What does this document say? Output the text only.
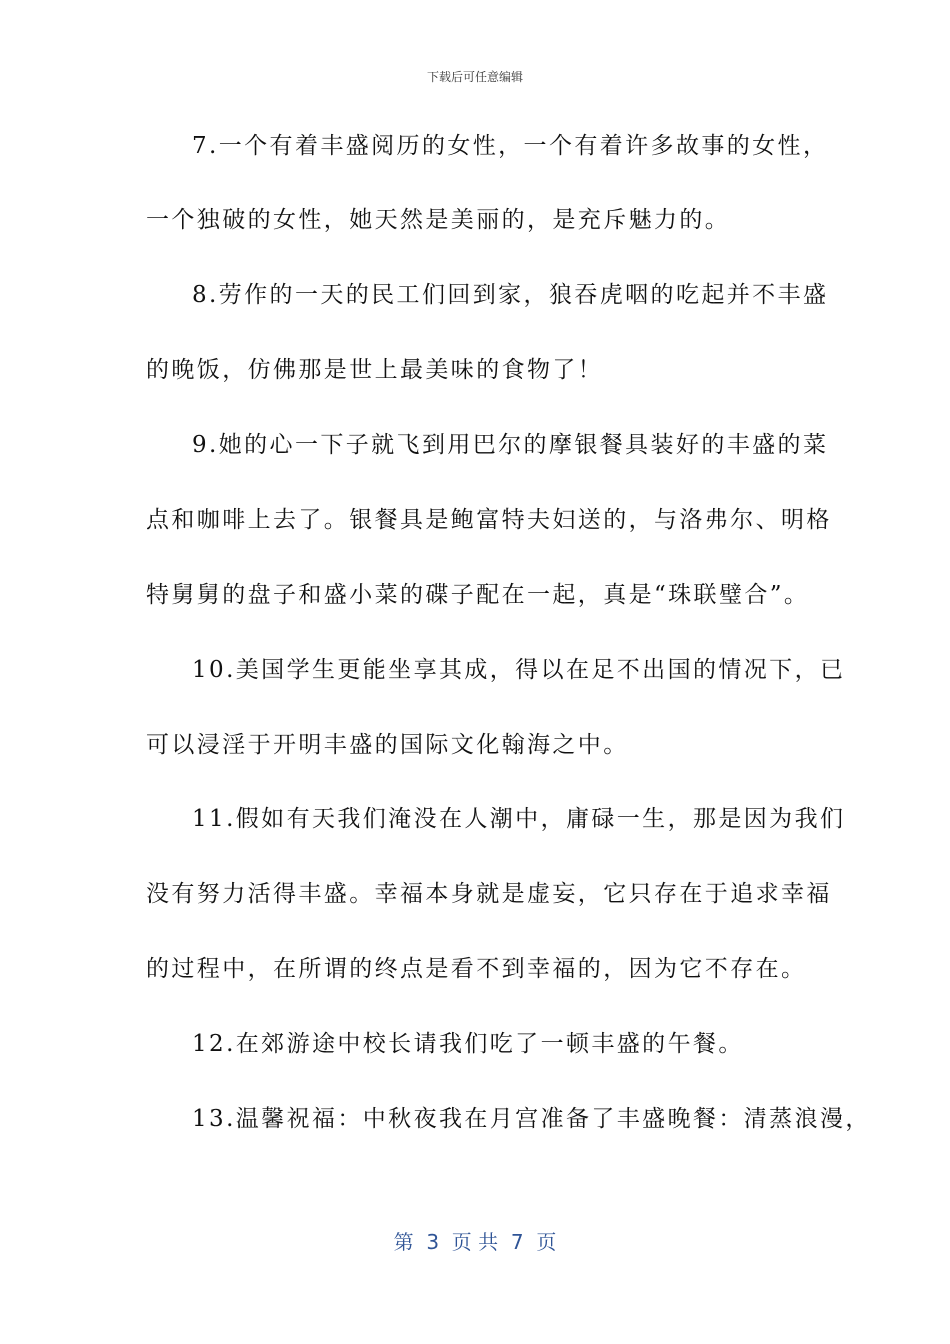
下载后可任意编辑
7.一个有着丰盛阅历的女性，一个有着许多故事的女性，
一个独破的女性，她天然是美丽的，是充斥魅力的。
8.劳作的一天的民工们回到家，狼吞虎咽的吃起并不丰盛
的晚饭，仿佛那是世上最美味的食物了！
9.她的心一下子就飞到用巴尔的摩银餐具装好的丰盛的菜
点和咖啡上去了。银餐具是鲍富特夫妇送的，与洛弗尔、明格
特舅舅的盘子和盛小菜的碟子配在一起，真是“珠联璧合”。
10.美国学生更能坐享其成，得以在足不出国的情况下，已
可以浸淫于开明丰盛的国际文化翰海之中。
11.假如有天我们淹没在人潮中，庸碌一生，那是因为我们
没有努力活得丰盛。幸福本身就是虚妄，它只存在于追求幸福
的过程中，在所谓的终点是看不到幸福的，因为它不存在。
12.在郊游途中校长请我们吃了一顿丰盛的午餐。
13.温馨祝福：中秋夜我在月宫准备了丰盛晚餐：清蒸浪漫，
第  3  页 共  7  页
